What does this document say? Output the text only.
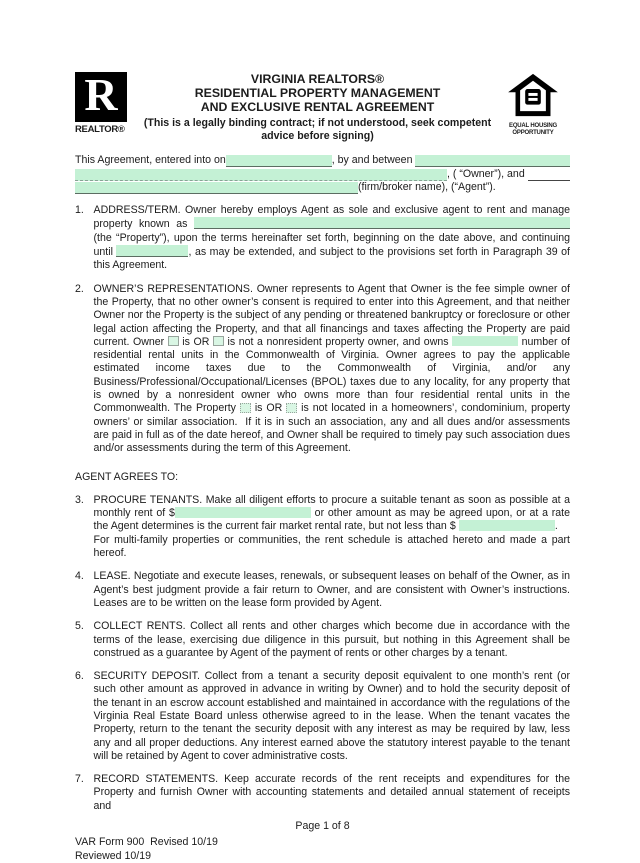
R
REALTOR®
VIRGINIA REALTORS®
RESIDENTIAL PROPERTY MANAGEMENT
AND EXCLUSIVE RENTAL AGREEMENT
(This is a legally binding contract; if not understood, seek competent advice before signing)
EQUAL HOUSING
OPPORTUNITY
This Agreement, entered into on	, by and between
, ( “Owner”), and
(firm/broker name), (“Agent”).
1. ADDRESS/TERM. Owner hereby employs Agent as sole and exclusive agent to rent and manage property known as  (the “Property”), upon the terms hereinafter set forth, beginning on the date above, and continuing until	, as may be extended, and subject to the provisions set forth in Paragraph 39 of this Agreement.
2. OWNER’S REPRESENTATIONS. Owner represents to Agent that Owner is the fee simple owner of the Property, that no other owner’s consent is required to enter into this Agreement, and that neither Owner nor the Property is the subject of any pending or threatened bankruptcy or foreclosure or other legal action affecting the Property, and that all financings and taxes affecting the Property are paid current. Owner  is OR  is not a nonresident property owner, and owns	number of residential rental units in the Commonwealth of Virginia. Owner agrees to pay the applicable estimated income taxes due to the Commonwealth of Virginia, and/or any Business/Professional/Occupational/Licenses (BPOL) taxes due to any locality, for any property that is owned by a nonresident owner who owns more than four residential rental units in the Commonwealth. The Property  is OR  is not located in a homeowners’, condominium, property owners’ or similar association.  If it is in such an association, any and all dues and/or assessments are paid in full as of the date hereof, and Owner shall be required to timely pay such association dues and/or assessments during the term of this Agreement.
AGENT AGREES TO:
3. PROCURE TENANTS. Make all diligent efforts to procure a suitable tenant as soon as possible at a monthly rent of $	or other amount as may be agreed upon, or at a rate the Agent determines is the current fair market rental rate, but not less than $	.     For multi-family properties or communities, the rent schedule is attached hereto and made a part hereof.
4. LEASE. Negotiate and execute leases, renewals, or subsequent leases on behalf of the Owner, as in Agent’s best judgment provide a fair return to Owner, and are consistent with Owner’s instructions. Leases are to be written on the lease form provided by Agent.
5. COLLECT RENTS. Collect all rents and other charges which become due in accordance with the terms of the lease, exercising due diligence in this pursuit, but nothing in this Agreement shall be construed as a guarantee by Agent of the payment of rents or other charges by a tenant.
6. SECURITY DEPOSIT. Collect from a tenant a security deposit equivalent to one month’s rent (or such other amount as approved in advance in writing by Owner) and to hold the security deposit of the tenant in an escrow account established and maintained in accordance with the regulations of the Virginia Real Estate Board unless otherwise agreed to in the lease. When the tenant vacates the Property, return to the tenant the security deposit with any interest as may be required by law, less any and all proper deductions. Any interest earned above the statutory interest payable to the tenant will be retained by Agent to cover administrative costs.
7. RECORD STATEMENTS. Keep accurate records of the rent receipts and expenditures for the Property and furnish Owner with accounting statements and detailed annual statement of receipts and
Page 1 of 8
VAR Form 900  Revised 10/19
Reviewed 10/19
